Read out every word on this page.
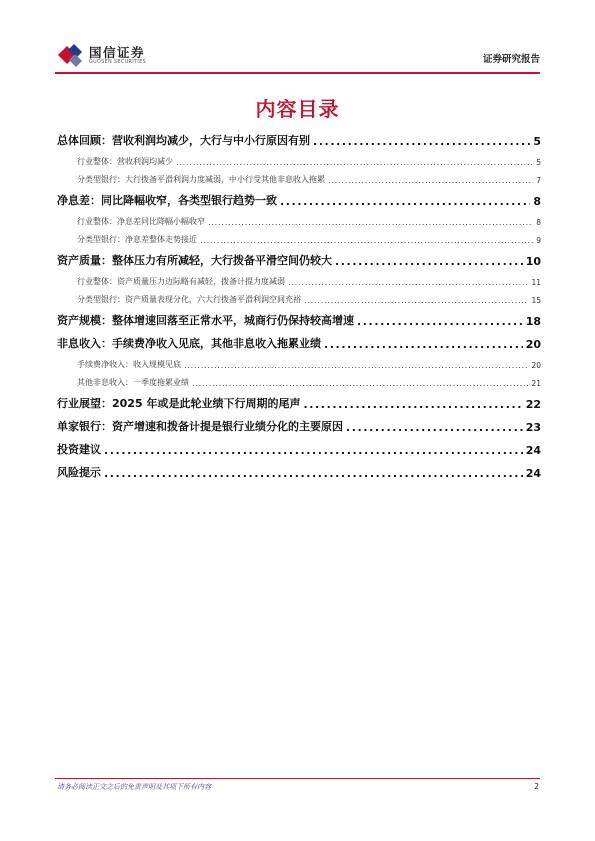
国信证券
GUOSEN SECURITIES	证券研究报告
内容目录
总体回顾：营收利润均减少，大行与中小行原因有别 .....	5
行业整体：营收利润均减少 .....	5
分类型银行：大行拨备平滑利润力度减弱，中小行受其他非息收入拖累 .....	7
净息差：同比降幅收窄，各类型银行趋势一致 .....	8
行业整体：净息差同比降幅小幅收窄 .....	8
分类型银行：净息差整体走势接近 .....	9
资产质量：整体压力有所减轻，大行拨备平滑空间仍较大 .....	10
行业整体：资产质量压力边际略有减轻，拨备计提力度减弱 .....	11
分类型银行：资产质量表现分化，六大行拨备平滑利润空间充裕 .....	15
资产规模：整体增速回落至正常水平，城商行仍保持较高增速 .....	18
非息收入：手续费净收入见底，其他非息收入拖累业绩 .....	20
手续费净收入：收入规模见底 .....	20
其他非息收入：一季度拖累业绩 .....	21
行业展望：2025 年或是此轮业绩下行周期的尾声 .....	22
单家银行：资产增速和拨备计提是银行业绩分化的主要原因 .....	23
投资建议 .....	24
风险提示 .....	24
请务必阅读正文之后的免责声明及其项下所有内容	2
